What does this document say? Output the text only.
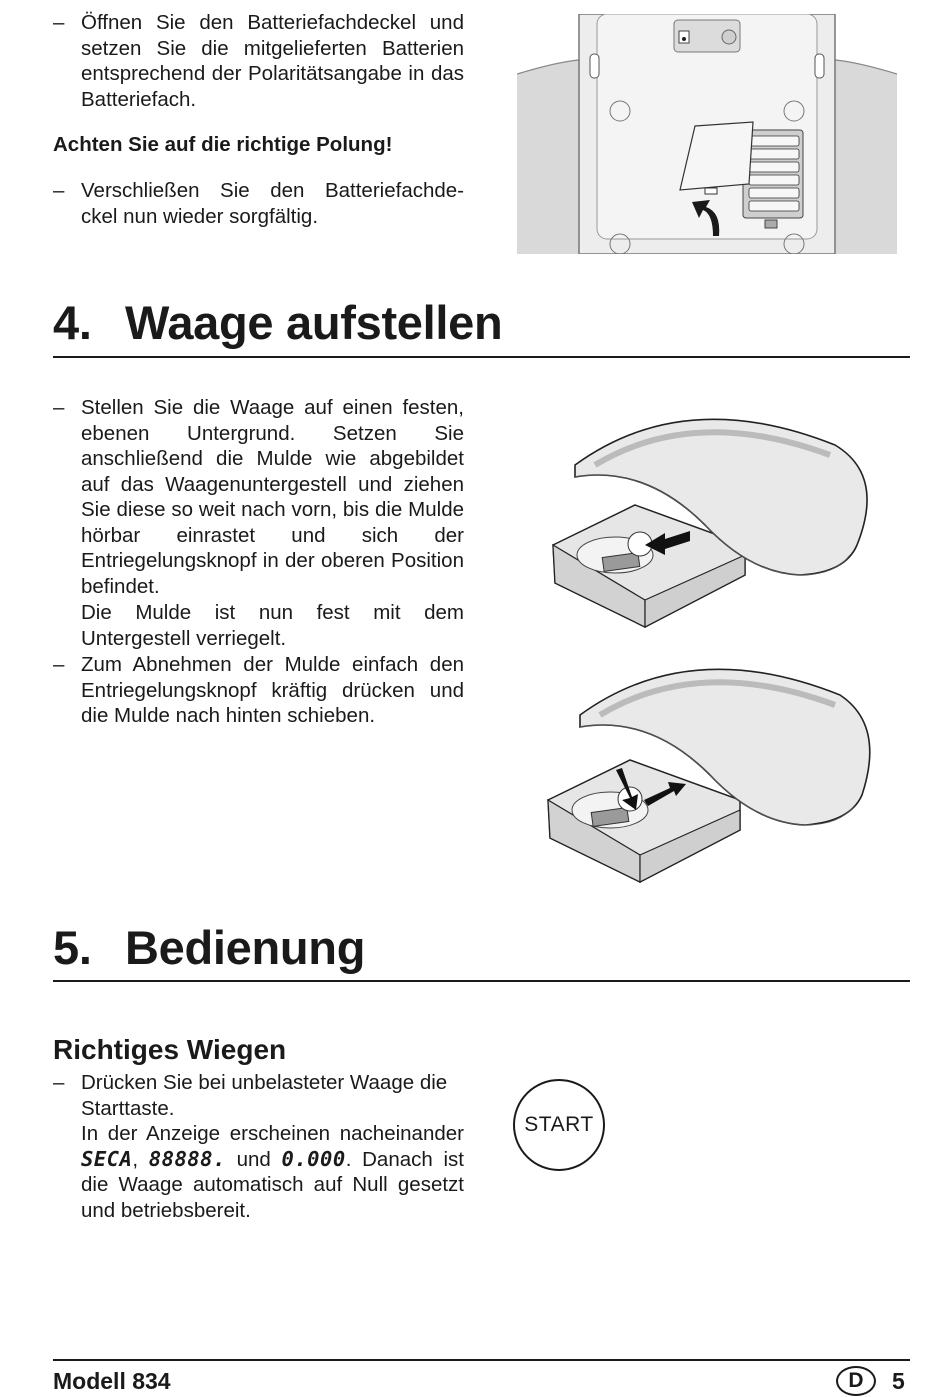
– Öffnen Sie den Batteriefachdeckel und setzen Sie die mitgelieferten Batterien entsprechend der Polaritätsangabe in das Batteriefach.
Achten Sie auf die richtige Polung!
– Verschließen Sie den Batteriefachde-
ckel nun wieder sorgfältig.
4. Waage aufstellen
– Stellen Sie die Waage auf einen festen, ebenen Untergrund. Setzen Sie anschließend die Mulde wie abgebildet auf das Waagenuntergestell und ziehen Sie diese so weit nach vorn, bis die Mulde hörbar einrastet und sich der Entriegelungsknopf in der oberen Position befindet.
Die Mulde ist nun fest mit dem Untergestell verriegelt.
– Zum Abnehmen der Mulde einfach den Entriegelungsknopf kräftig drücken und die Mulde nach hinten schieben.
5. Bedienung
Richtiges Wiegen
– Drücken Sie bei unbelasteter Waage die Starttaste.
In der Anzeige erscheinen nacheinander SECA, 88888. und 0.000. Danach ist die Waage automatisch auf Null gesetzt und betriebsbereit.
START
Modell 834	D	5
